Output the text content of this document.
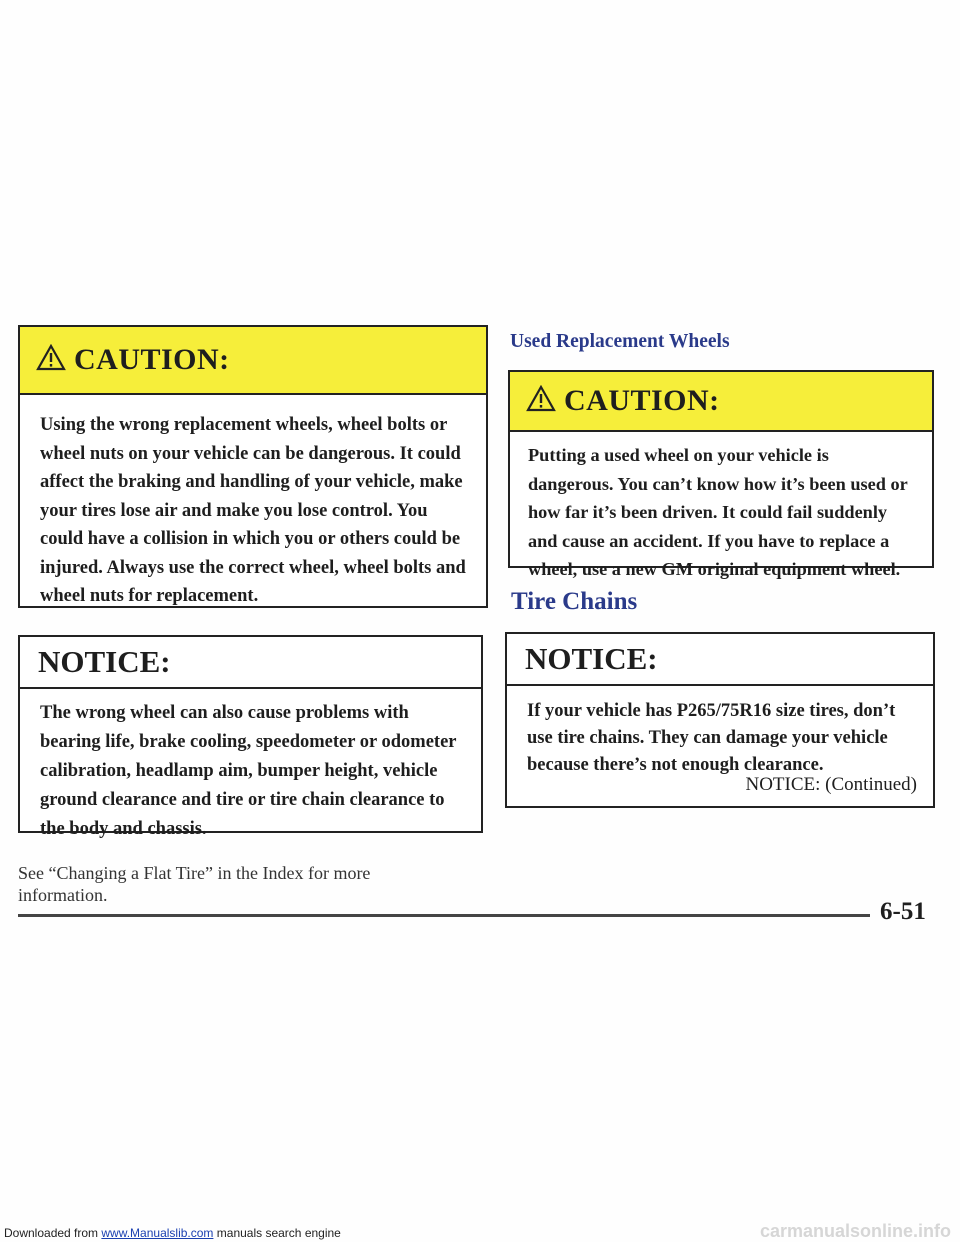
Downloaded from www.Manualslib.com manuals search engine
CAUTION:
Using the wrong replacement wheels, wheel bolts or wheel nuts on your vehicle can be dangerous. It could affect the braking and handling of your vehicle, make your tires lose air and make you lose control. You could have a collision in which you or others could be injured. Always use the correct wheel, wheel bolts and wheel nuts for replacement.
NOTICE:
The wrong wheel can also cause problems with bearing life, brake cooling, speedometer or odometer calibration, headlamp aim, bumper height, vehicle ground clearance and tire or tire chain clearance to the body and chassis.
See “Changing a Flat Tire” in the Index for more information.
Used Replacement Wheels
CAUTION:
Putting a used wheel on your vehicle is dangerous. You can’t know how it’s been used or how far it’s been driven. It could fail suddenly and cause an accident. If you have to replace a wheel, use a new GM original equipment wheel.
Tire Chains
NOTICE:
If your vehicle has P265/75R16 size tires, don’t use tire chains. They can damage your vehicle because there’s not enough clearance.
NOTICE: (Continued)
6-51
carmanualsonline.info
